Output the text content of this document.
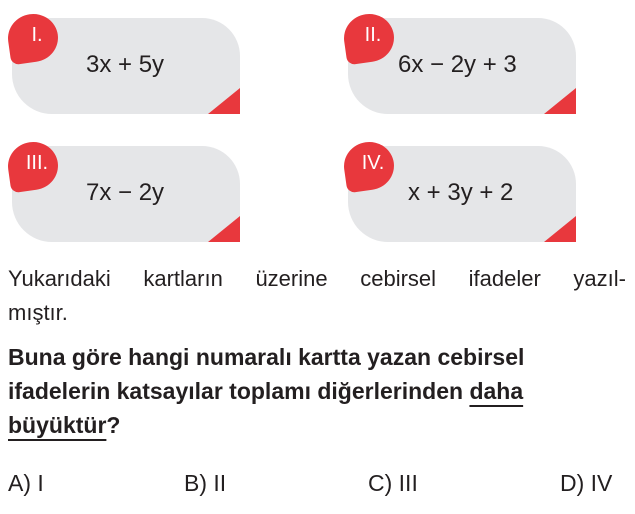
I.
3x + 5y
II.
6x − 2y + 3
III.
7x − 2y
IV.
x + 3y + 2
Yukarıdaki kartların üzerine cebirsel ifadeler yazıl-
mıştır.
Buna göre hangi numaralı kartta yazan cebirsel
ifadelerin katsayılar toplamı diğerlerinden daha
büyüktür?
A) I	B) II	C) III	D) IV
